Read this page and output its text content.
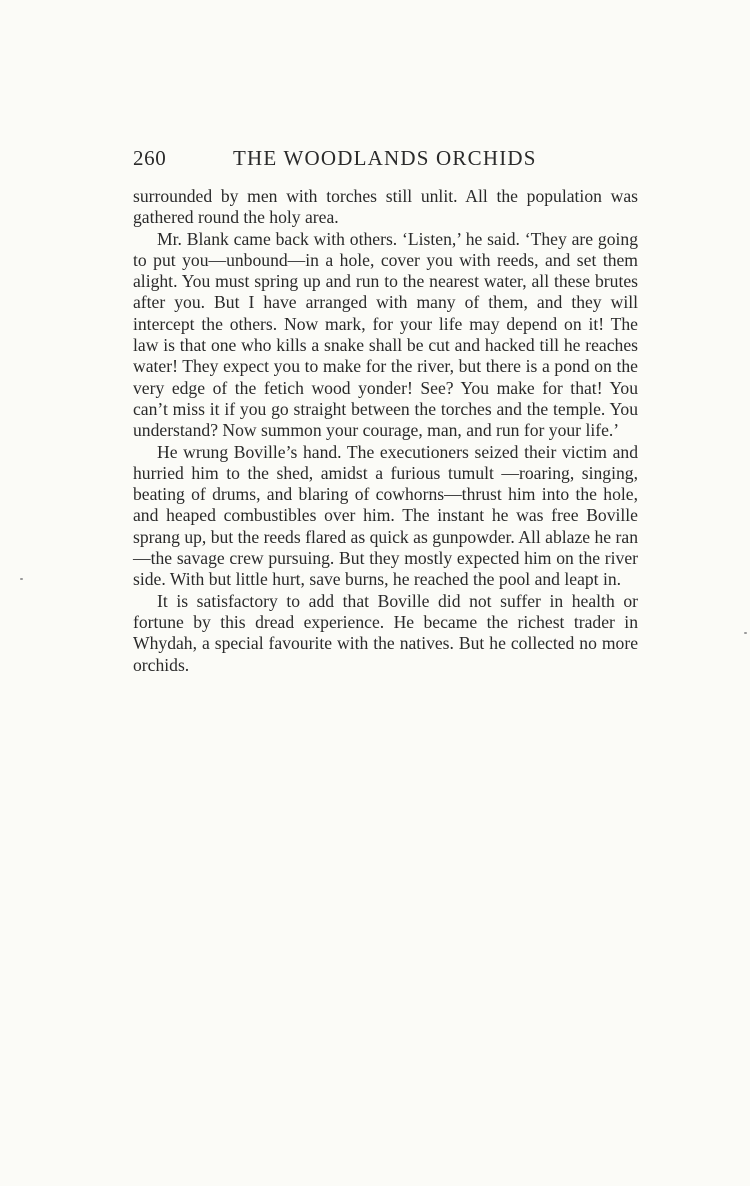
260	THE WOODLANDS ORCHIDS

surrounded by men with torches still unlit. All the population was gathered round the holy area.

Mr. Blank came back with others. ‘Listen,’ he said. ‘They are going to put you—unbound—in a hole, cover you with reeds, and set them alight. You must spring up and run to the nearest water, all these brutes after you. But I have arranged with many of them, and they will intercept the others. Now mark, for your life may depend on it! The law is that one who kills a snake shall be cut and hacked till he reaches water! They expect you to make for the river, but there is a pond on the very edge of the fetich wood yonder! See? You make for that! You can’t miss it if you go straight between the torches and the temple. You understand? Now summon your courage, man, and run for your life.’

He wrung Boville’s hand. The executioners seized their victim and hurried him to the shed, amidst a furious tumult —roaring, singing, beating of drums, and blaring of cowhorns—thrust him into the hole, and heaped combustibles over him. The instant he was free Boville sprang up, but the reeds flared as quick as gunpowder. All ablaze he ran—the savage crew pursuing. But they mostly expected him on the river side. With but little hurt, save burns, he reached the pool and leapt in.

It is satisfactory to add that Boville did not suffer in health or fortune by this dread experience. He became the richest trader in Whydah, a special favourite with the natives. But he collected no more orchids.
